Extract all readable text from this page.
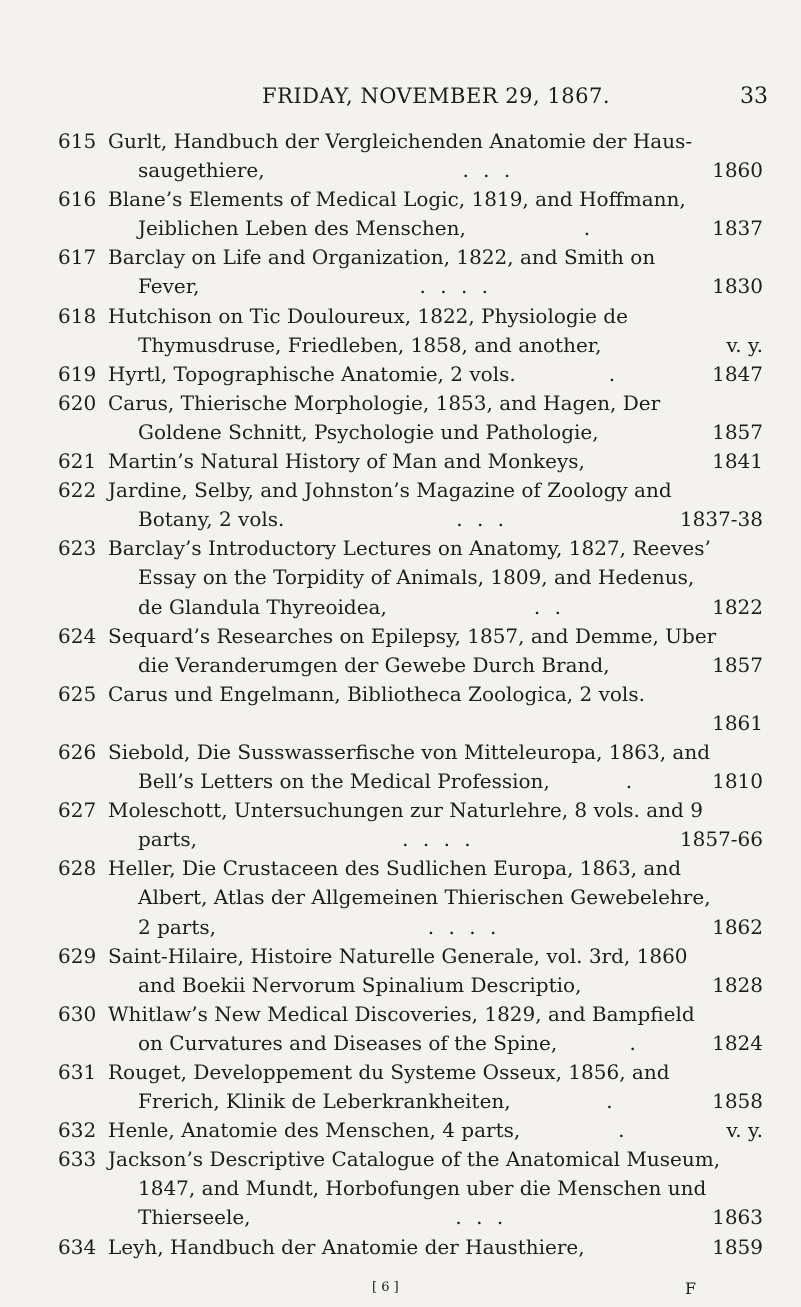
FRIDAY, NOVEMBER 29, 1867.	33
615 Gurlt, Handbuch der Vergleichenden Anatomie der Haus-
saugethiere,	. . .	1860
616 Blane’s Elements of Medical Logic, 1819, and Hoffmann,
Jeiblichen Leben des Menschen,	.	1837
617 Barclay on Life and Organization, 1822, and Smith on
Fever,	. . . .	1830
618 Hutchison on Tic Douloureux, 1822, Physiologie de
Thymusdruse, Friedleben, 1858, and another,	v. y.
619 Hyrtl, Topographische Anatomie, 2 vols.	.	1847
620 Carus, Thierische Morphologie, 1853, and Hagen, Der
Goldene Schnitt, Psychologie und Pathologie,	1857
621 Martin’s Natural History of Man and Monkeys,	1841
622 Jardine, Selby, and Johnston’s Magazine of Zoology and
Botany, 2 vols.	. . .	1837-38
623 Barclay’s Introductory Lectures on Anatomy, 1827, Reeves’
Essay on the Torpidity of Animals, 1809, and Hedenus,
de Glandula Thyreoidea,	. .	1822
624 Sequard’s Researches on Epilepsy, 1857, and Demme, Uber
die Veranderumgen der Gewebe Durch Brand,	1857
625 Carus und Engelmann, Bibliotheca Zoologica, 2 vols.
1861
626 Siebold, Die Susswasserfische von Mitteleuropa, 1863, and
Bell’s Letters on the Medical Profession,	.	1810
627 Moleschott, Untersuchungen zur Naturlehre, 8 vols. and 9
parts,	. . . .	1857-66
628 Heller, Die Crustaceen des Sudlichen Europa, 1863, and
Albert, Atlas der Allgemeinen Thierischen Gewebelehre,
2 parts,	. . . .	1862
629 Saint-Hilaire, Histoire Naturelle Generale, vol. 3rd, 1860
and Boekii Nervorum Spinalium Descriptio,	1828
630 Whitlaw’s New Medical Discoveries, 1829, and Bampfield
on Curvatures and Diseases of the Spine,	.	1824
631 Rouget, Developpement du Systeme Osseux, 1856, and
Frerich, Klinik de Leberkrankheiten,	.	1858
632 Henle, Anatomie des Menschen, 4 parts,	.	v. y.
633 Jackson’s Descriptive Catalogue of the Anatomical Museum,
1847, and Mundt, Horbofungen uber die Menschen und
Thierseele,	. . .	1863
634 Leyh, Handbuch der Anatomie der Hausthiere,	1859
[ 6 ]	F
